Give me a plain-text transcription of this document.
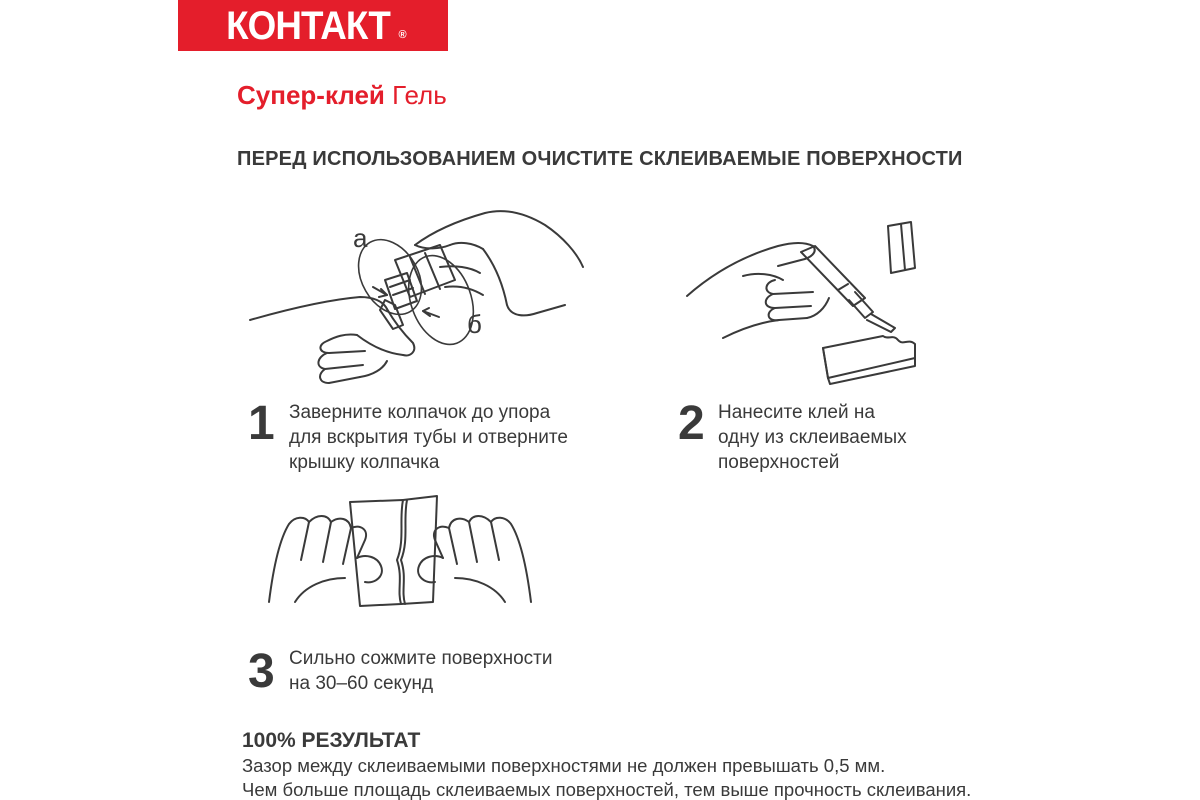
КОНТАКТ ®
Супер-клей Гель
ПЕРЕД ИСПОЛЬЗОВАНИЕМ ОЧИСТИТЕ СКЛЕИВАЕМЫЕ ПОВЕРХНОСТИ
а
б
1 Заверните колпачок до упора
для вскрытия тубы и отверните
крышку колпачка
2 Нанесите клей на
одну из склеиваемых
поверхностей
3 Сильно сожмите поверхности
на 30–60 секунд
100% РЕЗУЛЬТАТ
Зазор между склеиваемыми поверхностями не должен превышать 0,5 мм.
Чем больше площадь склеиваемых поверхностей, тем выше прочность склеивания.
